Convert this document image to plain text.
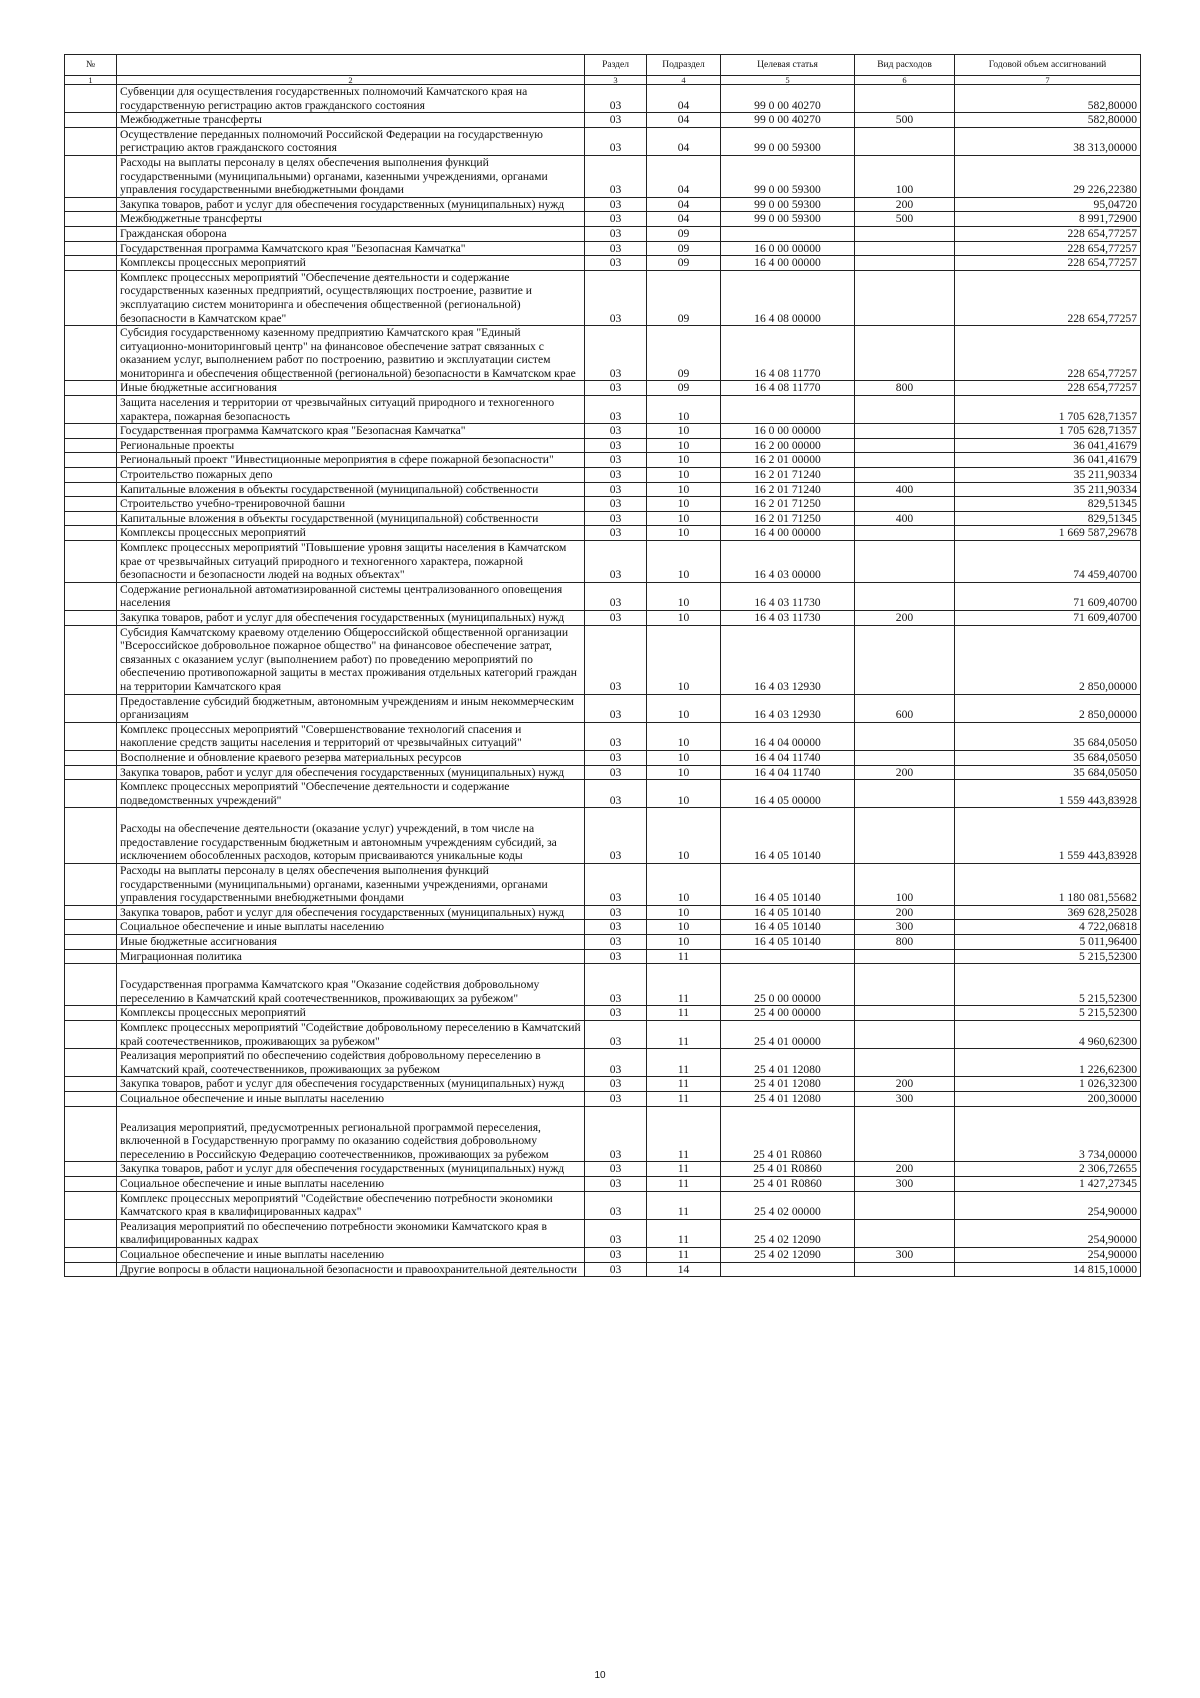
№		Раздел	Подраздел	Целевая статья	Вид расходов	Годовой объем ассигнований
1	2	3	4	5	6	7
	Субвенции для осуществления государственных полномочий Камчатского края на государственную регистрацию актов гражданского состояния	03	04	99 0 00 40270		582,80000
	Межбюджетные трансферты	03	04	99 0 00 40270	500	582,80000
	Осуществление переданных полномочий Российской Федерации на государственную регистрацию актов гражданского состояния	03	04	99 0 00 59300		38 313,00000
	Расходы на выплаты персоналу в целях обеспечения выполнения функций государственными (муниципальными) органами, казенными учреждениями, органами управления государственными внебюджетными фондами	03	04	99 0 00 59300	100	29 226,22380
	Закупка товаров, работ и услуг для обеспечения государственных (муниципальных) нужд	03	04	99 0 00 59300	200	95,04720
	Межбюджетные трансферты	03	04	99 0 00 59300	500	8 991,72900
	Гражданская оборона	03	09			228 654,77257
	Государственная программа Камчатского края "Безопасная Камчатка"	03	09	16 0 00 00000		228 654,77257
	Комплексы процессных мероприятий	03	09	16 4 00 00000		228 654,77257
	Комплекс процессных мероприятий "Обеспечение деятельности и содержание государственных казенных предприятий, осуществляющих построение, развитие и эксплуатацию систем мониторинга и обеспечения общественной (региональной) безопасности в Камчатском крае"	03	09	16 4 08 00000		228 654,77257
	Субсидия государственному казенному предприятию Камчатского края "Единый ситуационно-мониторинговый центр" на финансовое обеспечение затрат связанных с оказанием услуг, выполнением работ по построению, развитию и эксплуатации систем мониторинга и обеспечения общественной (региональной) безопасности в Камчатском крае	03	09	16 4 08 11770		228 654,77257
	Иные бюджетные ассигнования	03	09	16 4 08 11770	800	228 654,77257
	Защита населения и территории от чрезвычайных ситуаций природного и техногенного характера, пожарная безопасность	03	10			1 705 628,71357
	Государственная программа Камчатского края "Безопасная Камчатка"	03	10	16 0 00 00000		1 705 628,71357
	Региональные проекты	03	10	16 2 00 00000		36 041,41679
	Региональный проект "Инвестиционные мероприятия в сфере пожарной безопасности"	03	10	16 2 01 00000		36 041,41679
	Строительство пожарных депо	03	10	16 2 01 71240		35 211,90334
	Капитальные вложения в объекты государственной (муниципальной) собственности	03	10	16 2 01 71240	400	35 211,90334
	Строительство учебно-тренировочной башни	03	10	16 2 01 71250		829,51345
	Капитальные вложения в объекты государственной (муниципальной) собственности	03	10	16 2 01 71250	400	829,51345
	Комплексы процессных мероприятий	03	10	16 4 00 00000		1 669 587,29678
	Комплекс процессных мероприятий "Повышение уровня защиты населения в Камчатском крае от чрезвычайных ситуаций природного и техногенного характера, пожарной безопасности и безопасности людей на водных объектах"	03	10	16 4 03 00000		74 459,40700
	Содержание региональной автоматизированной системы централизованного оповещения населения	03	10	16 4 03 11730		71 609,40700
	Закупка товаров, работ и услуг для обеспечения государственных (муниципальных) нужд	03	10	16 4 03 11730	200	71 609,40700
	Субсидия Камчатскому краевому отделению Общероссийской общественной организации "Всероссийское добровольное пожарное общество" на финансовое обеспечение затрат, связанных с оказанием услуг (выполнением работ) по проведению мероприятий по обеспечению противопожарной защиты в местах проживания отдельных категорий граждан на территории Камчатского края	03	10	16 4 03 12930		2 850,00000
	Предоставление субсидий бюджетным, автономным учреждениям и иным некоммерческим организациям	03	10	16 4 03 12930	600	2 850,00000
	Комплекс процессных мероприятий "Совершенствование технологий спасения и накопление средств защиты населения и территорий от чрезвычайных ситуаций"	03	10	16 4 04 00000		35 684,05050
	Восполнение и обновление краевого резерва материальных ресурсов	03	10	16 4 04 11740		35 684,05050
	Закупка товаров, работ и услуг для обеспечения государственных (муниципальных) нужд	03	10	16 4 04 11740	200	35 684,05050
	Комплекс процессных мероприятий "Обеспечение деятельности и содержание подведомственных учреждений"	03	10	16 4 05 00000		1 559 443,83928
	Расходы на обеспечение деятельности (оказание услуг) учреждений, в том числе на предоставление государственным бюджетным и автономным учреждениям субсидий, за исключением обособленных расходов, которым присваиваются уникальные коды	03	10	16 4 05 10140		1 559 443,83928
	Расходы на выплаты персоналу в целях обеспечения выполнения функций государственными (муниципальными) органами, казенными учреждениями, органами управления государственными внебюджетными фондами	03	10	16 4 05 10140	100	1 180 081,55682
	Закупка товаров, работ и услуг для обеспечения государственных (муниципальных) нужд	03	10	16 4 05 10140	200	369 628,25028
	Социальное обеспечение и иные выплаты населению	03	10	16 4 05 10140	300	4 722,06818
	Иные бюджетные ассигнования	03	10	16 4 05 10140	800	5 011,96400
	Миграционная политика	03	11			5 215,52300
	Государственная программа Камчатского края "Оказание содействия добровольному переселению в Камчатский край соотечественников, проживающих за рубежом"	03	11	25 0 00 00000		5 215,52300
	Комплексы процессных мероприятий	03	11	25 4 00 00000		5 215,52300
	Комплекс процессных мероприятий "Содействие добровольному переселению в Камчатский край соотечественников, проживающих за рубежом"	03	11	25 4 01 00000		4 960,62300
	Реализация мероприятий по обеспечению содействия добровольному переселению в Камчатский край, соотечественников, проживающих за рубежом	03	11	25 4 01 12080		1 226,62300
	Закупка товаров, работ и услуг для обеспечения государственных (муниципальных) нужд	03	11	25 4 01 12080	200	1 026,32300
	Социальное обеспечение и иные выплаты населению	03	11	25 4 01 12080	300	200,30000
	Реализация мероприятий, предусмотренных региональной программой переселения, включенной в Государственную программу по оказанию содействия добровольному переселению в Российскую Федерацию соотечественников, проживающих за рубежом	03	11	25 4 01 R0860		3 734,00000
	Закупка товаров, работ и услуг для обеспечения государственных (муниципальных) нужд	03	11	25 4 01 R0860	200	2 306,72655
	Социальное обеспечение и иные выплаты населению	03	11	25 4 01 R0860	300	1 427,27345
	Комплекс процессных мероприятий "Содействие обеспечению потребности экономики Камчатского края в квалифицированных кадрах"	03	11	25 4 02 00000		254,90000
	Реализация мероприятий по обеспечению потребности экономики Камчатского края в квалифицированных кадрах	03	11	25 4 02 12090		254,90000
	Социальное обеспечение и иные выплаты населению	03	11	25 4 02 12090	300	254,90000
	Другие вопросы в области национальной безопасности и правоохранительной деятельности	03	14			14 815,10000
10
